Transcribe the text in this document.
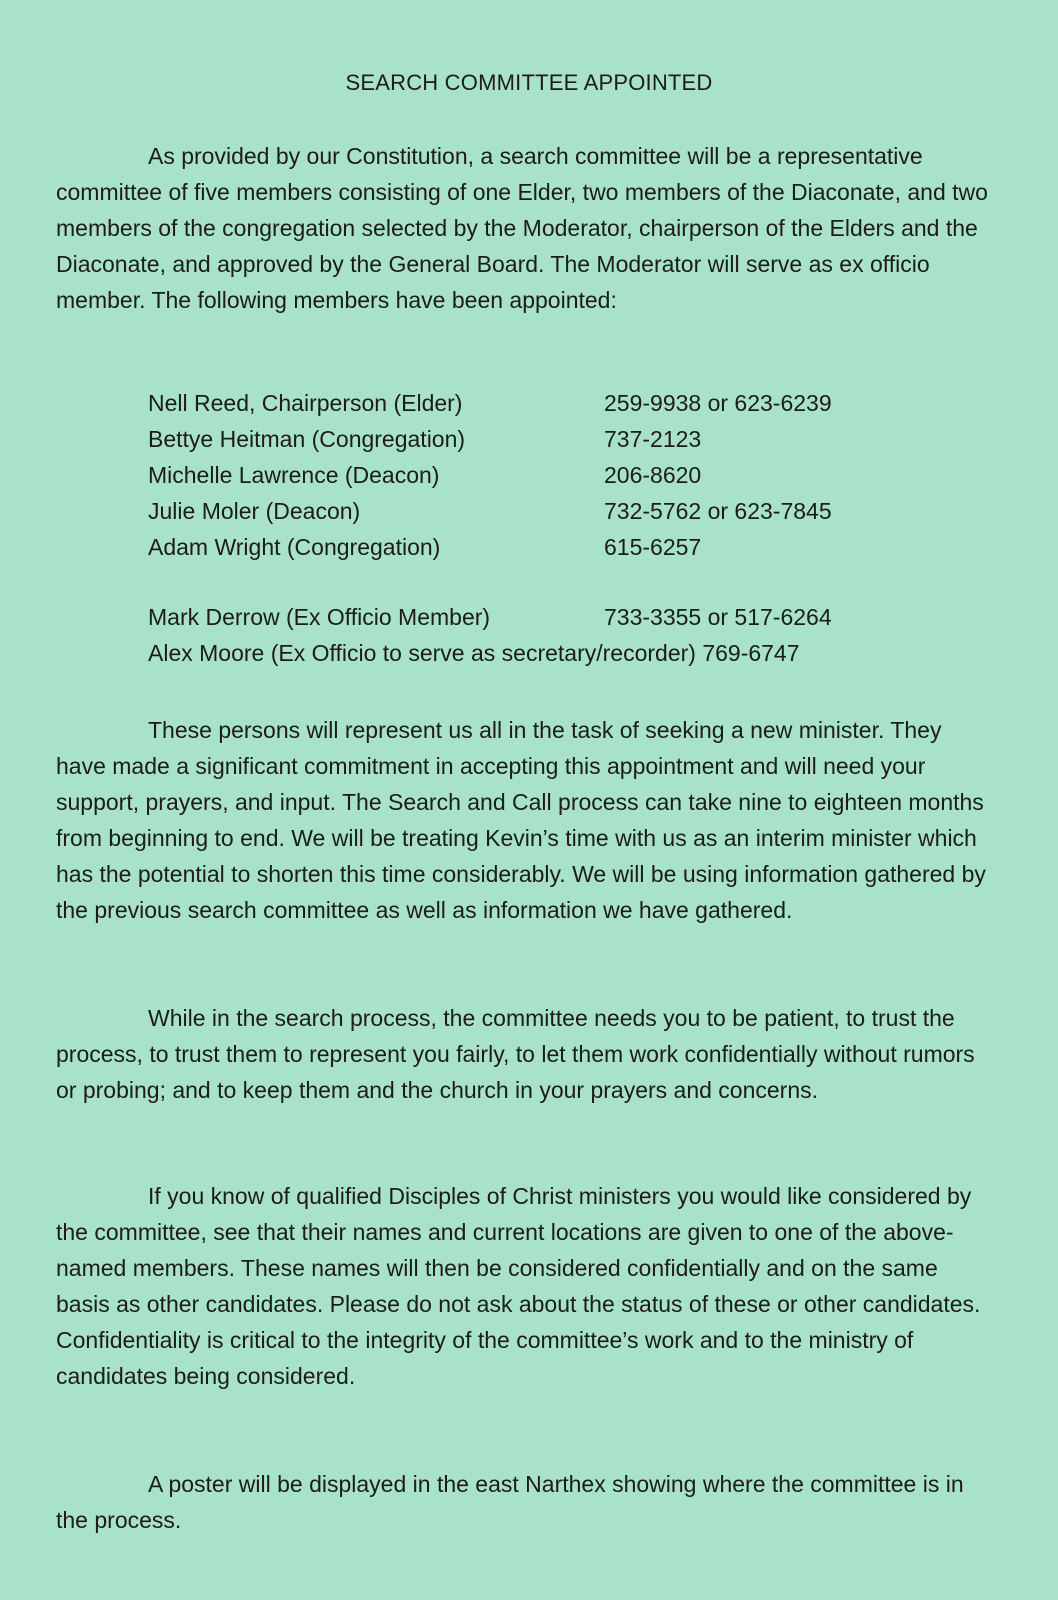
SEARCH COMMITTEE APPOINTED
As provided by our Constitution, a search committee will be a representative committee of five members consisting of one Elder, two members of the Diaconate, and two members of the congregation selected by the Moderator, chairperson of the Elders and the Diaconate, and approved by the General Board. The Moderator will serve as ex officio member. The following members have been appointed:
Nell Reed, Chairperson (Elder)	259-9938 or 623-6239
Bettye Heitman (Congregation)	737-2123
Michelle Lawrence (Deacon)	206-8620
Julie Moler (Deacon)	732-5762 or 623-7845
Adam Wright (Congregation)	615-6257
Mark Derrow (Ex Officio Member)	733-3355 or 517-6264
Alex Moore (Ex Officio to serve as secretary/recorder) 769-6747
These persons will represent us all in the task of seeking a new minister. They have made a significant commitment in accepting this appointment and will need your support, prayers, and input. The Search and Call process can take nine to eighteen months from beginning to end. We will be treating Kevin’s time with us as an interim minister which has the potential to shorten this time considerably. We will be using information gathered by the previous search committee as well as information we have gathered.
While in the search process, the committee needs you to be patient, to trust the process, to trust them to represent you fairly, to let them work confidentially without rumors or probing; and to keep them and the church in your prayers and concerns.
If you know of qualified Disciples of Christ ministers you would like considered by the committee, see that their names and current locations are given to one of the above-named members. These names will then be considered confidentially and on the same basis as other candidates. Please do not ask about the status of these or other candidates. Confidentiality is critical to the integrity of the committee’s work and to the ministry of candidates being considered.
A poster will be displayed in the east Narthex showing where the committee is in the process.
